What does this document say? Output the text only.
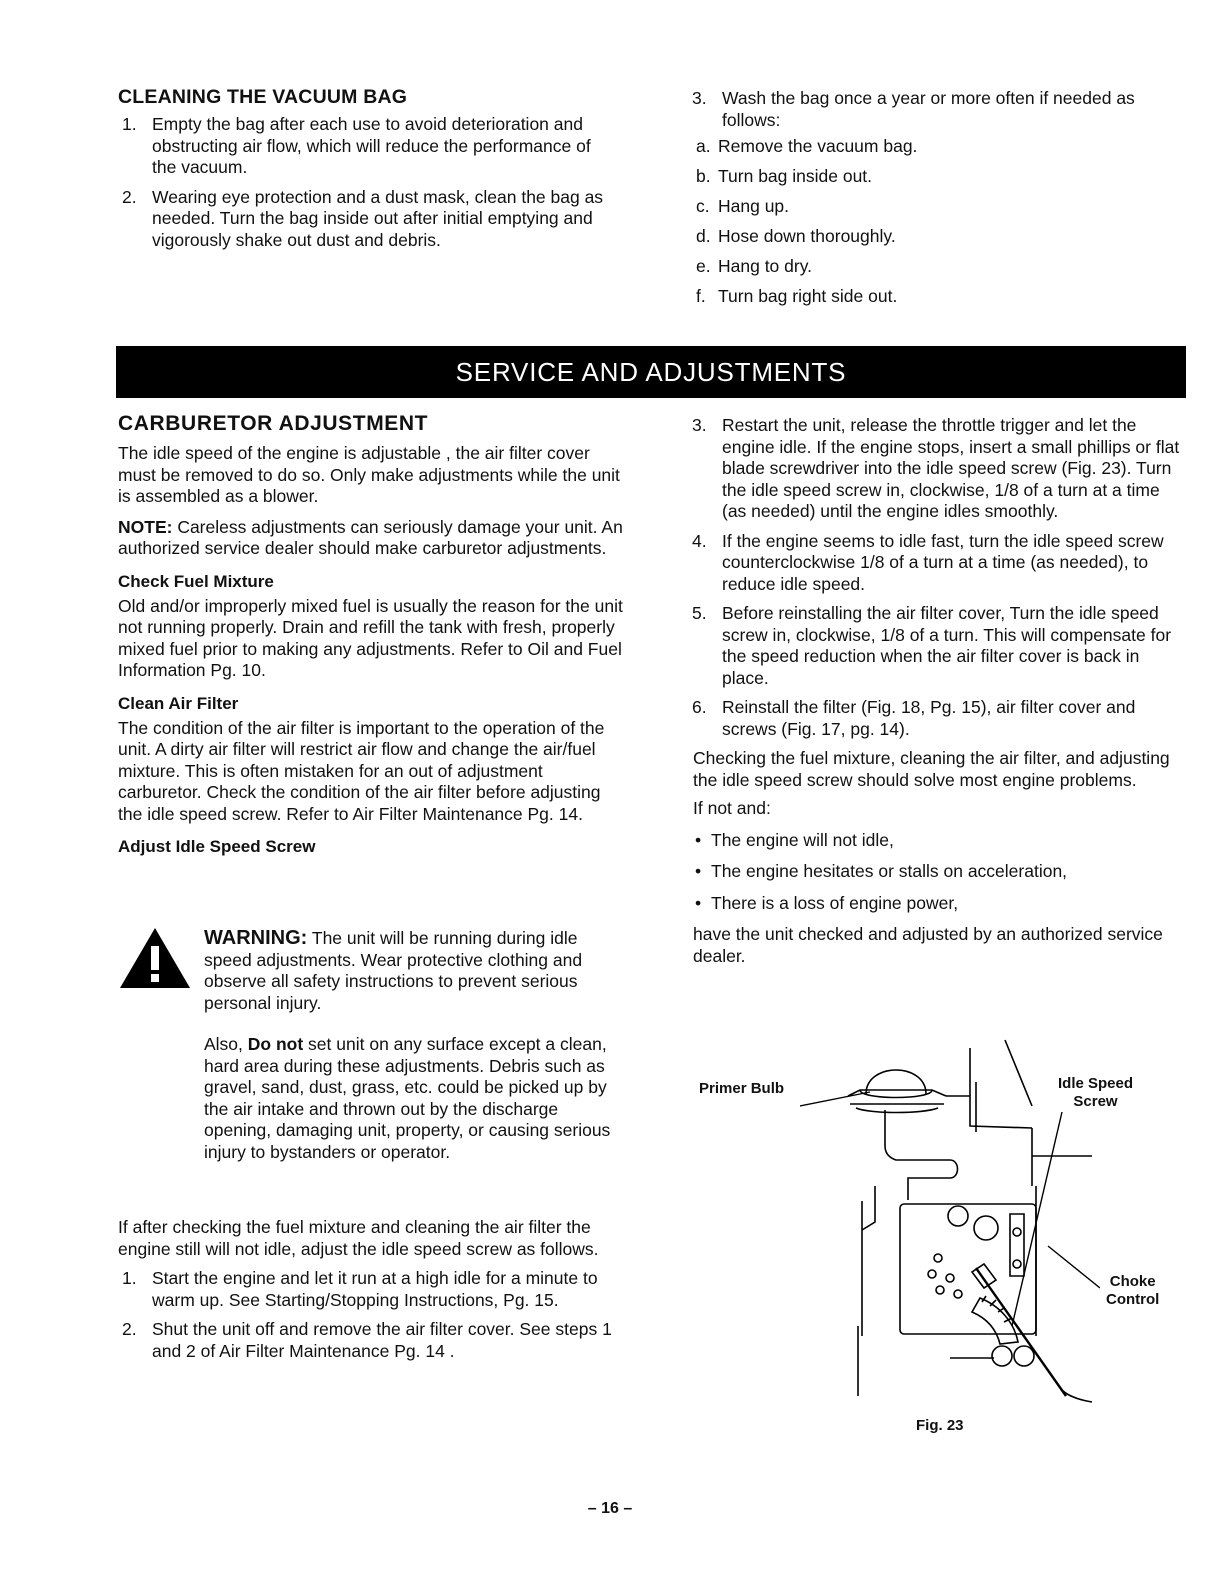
CLEANING THE VACUUM BAG
1. Empty the bag after each use to avoid deterioration and obstructing air flow, which will reduce the performance of the vacuum.
2. Wearing eye protection and a dust mask, clean the bag as needed. Turn the bag inside out after initial emptying and vigorously shake out dust and debris.
3. Wash the bag once a year or more often if needed as follows:
a. Remove the vacuum bag.
b. Turn bag inside out.
c. Hang up.
d. Hose down thoroughly.
e. Hang to dry.
f. Turn bag right side out.
SERVICE AND ADJUSTMENTS
CARBURETOR ADJUSTMENT

The idle speed of the engine is adjustable , the air filter cover must be removed to do so. Only make adjustments while the unit is assembled as a blower.

NOTE: Careless adjustments can seriously damage your unit. An authorized service dealer should make carburetor adjustments.

Check Fuel Mixture

Old and/or improperly mixed fuel is usually the reason for the unit not running properly. Drain and refill the tank with fresh, properly mixed fuel prior to making any adjustments. Refer to Oil and Fuel Information Pg. 10.

Clean Air Filter

The condition of the air filter is important to the operation of the unit. A dirty air filter will restrict air flow and change the air/fuel mixture. This is often mistaken for an out of adjustment carburetor. Check the condition of the air filter before adjusting the idle speed screw. Refer to Air Filter Maintenance Pg. 14.

Adjust Idle Speed Screw

WARNING: The unit will be running during idle speed adjustments. Wear protective clothing and observe all safety instructions to prevent serious personal injury.

Also, Do not set unit on any surface except a clean, hard area during these adjustments. Debris such as gravel, sand, dust, grass, etc. could be picked up by the air intake and thrown out by the discharge opening, damaging unit, property, or causing serious injury to bystanders or operator.

If after checking the fuel mixture and cleaning the air filter the engine still will not idle, adjust the idle speed screw as follows.

1. Start the engine and let it run at a high idle for a minute to warm up. See Starting/Stopping Instructions, Pg. 15.
2. Shut the unit off and remove the air filter cover. See steps 1 and 2 of Air Filter Maintenance Pg. 14 .
3. Restart the unit, release the throttle trigger and let the engine idle. If the engine stops, insert a small phillips or flat blade screwdriver into the idle speed screw (Fig. 23). Turn the idle speed screw in, clockwise, 1/8 of a turn at a time (as needed) until the engine idles smoothly.
4. If the engine seems to idle fast, turn the idle speed screw counterclockwise 1/8 of a turn at a time (as needed), to reduce idle speed.
5. Before reinstalling the air filter cover, Turn the idle speed screw in, clockwise, 1/8 of a turn. This will compensate for the speed reduction when the air filter cover is back in place.
6. Reinstall the filter (Fig. 18, Pg. 15), air filter cover and screws (Fig. 17, pg. 14).

Checking the fuel mixture, cleaning the air filter, and adjusting the idle speed screw should solve most engine problems.

If not and:

• The engine will not idle,
• The engine hesitates or stalls on acceleration,
• There is a loss of engine power,

have the unit checked and adjusted by an authorized service dealer.

Primer Bulb	Idle Speed
Screw
Choke
Control
Fig. 23
– 16 –
